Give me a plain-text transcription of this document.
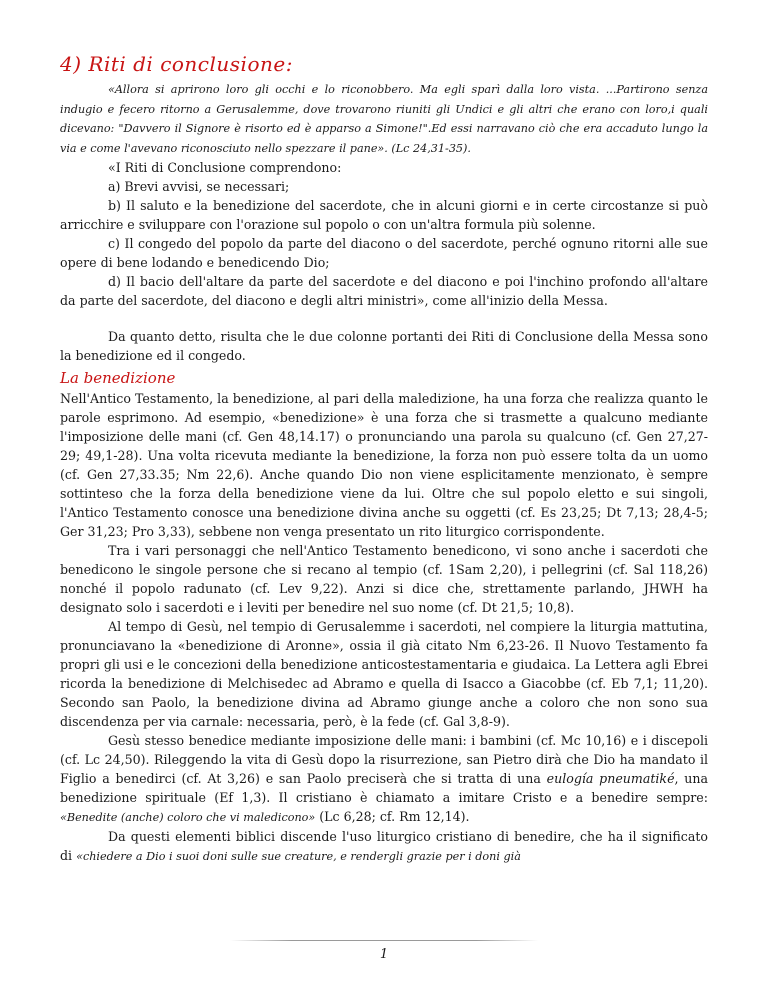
4) Riti di conclusione:

«Allora si aprirono loro gli occhi e lo riconobbero. Ma egli sparì dalla loro vista. ...Partirono senza indugio e fecero ritorno a Gerusalemme, dove trovarono riuniti gli Undici e gli altri che erano con loro,i quali dicevano: "Davvero il Signore è risorto ed è apparso a Simone!".Ed essi narravano ciò che era accaduto lungo la via e come l'avevano riconosciuto nello spezzare il pane». (Lc 24,31-35).

«I Riti di Conclusione comprendono:

a) Brevi avvisi, se necessari;

b) Il saluto e la benedizione del sacerdote, che in alcuni giorni e in certe circostanze si può arricchire e sviluppare con l'orazione sul popolo o con un'altra formula più solenne.

c) Il congedo del popolo da parte del diacono o del sacerdote, perché ognuno ritorni alle sue opere di bene lodando e benedicendo Dio;

d) Il bacio dell'altare da parte del sacerdote e del diacono e poi l'inchino profondo all'altare da parte del sacerdote, del diacono e degli altri ministri», come all'inizio della Messa.

Da quanto detto, risulta che le due colonne portanti dei Riti di Conclusione della Messa sono la benedizione ed il congedo.

La benedizione

Nell'Antico Testamento, la benedizione, al pari della maledizione, ha una forza che realizza quanto le parole esprimono. Ad esempio, «benedizione» è una forza che si trasmette a qualcuno mediante l'imposizione delle mani (cf. Gen 48,14.17) o pronunciando una parola su qualcuno (cf. Gen 27,27-29; 49,1-28). Una volta ricevuta mediante la benedizione, la forza non può essere tolta da un uomo (cf. Gen 27,33.35; Nm 22,6). Anche quando Dio non viene esplicitamente menzionato, è sempre sottinteso che la forza della benedizione viene da lui. Oltre che sul popolo eletto e sui singoli, l'Antico Testamento conosce una benedizione divina anche su oggetti (cf. Es 23,25; Dt 7,13; 28,4-5; Ger 31,23; Pro 3,33), sebbene non venga presentato un rito liturgico corrispondente.

Tra i vari personaggi che nell'Antico Testamento benedicono, vi sono anche i sacerdoti che benedicono le singole persone che si recano al tempio (cf. 1Sam 2,20), i pellegrini (cf. Sal 118,26) nonché il popolo radunato (cf. Lev 9,22). Anzi si dice che, strettamente parlando, JHWH ha designato solo i sacerdoti e i leviti per benedire nel suo nome (cf. Dt 21,5; 10,8).

Al tempo di Gesù, nel tempio di Gerusalemme i sacerdoti, nel compiere la liturgia mattutina, pronunciavano la «benedizione di Aronne», ossia il già citato Nm 6,23-26. Il Nuovo Testamento fa propri gli usi e le concezioni della benedizione anticostestamentaria e giudaica. La Lettera agli Ebrei ricorda la benedizione di Melchisedec ad Abramo e quella di Isacco a Giacobbe (cf. Eb 7,1; 11,20). Secondo san Paolo, la benedizione divina ad Abramo giunge anche a coloro che non sono sua discendenza per via carnale: necessaria, però, è la fede (cf. Gal 3,8-9).

Gesù stesso benedice mediante imposizione delle mani: i bambini (cf. Mc 10,16) e i discepoli (cf. Lc 24,50). Rileggendo la vita di Gesù dopo la risurrezione, san Pietro dirà che Dio ha mandato il Figlio a benedirci (cf. At 3,26) e san Paolo preciserà che si tratta di una eulogía pneumatiké, una benedizione spirituale (Ef 1,3). Il cristiano è chiamato a imitare Cristo e a benedire sempre: «Benedite (anche) coloro che vi maledicono» (Lc 6,28; cf. Rm 12,14).

Da questi elementi biblici discende l'uso liturgico cristiano di benedire, che ha il significato di «chiedere a Dio i suoi doni sulle sue creature, e rendergli grazie per i doni già

1
